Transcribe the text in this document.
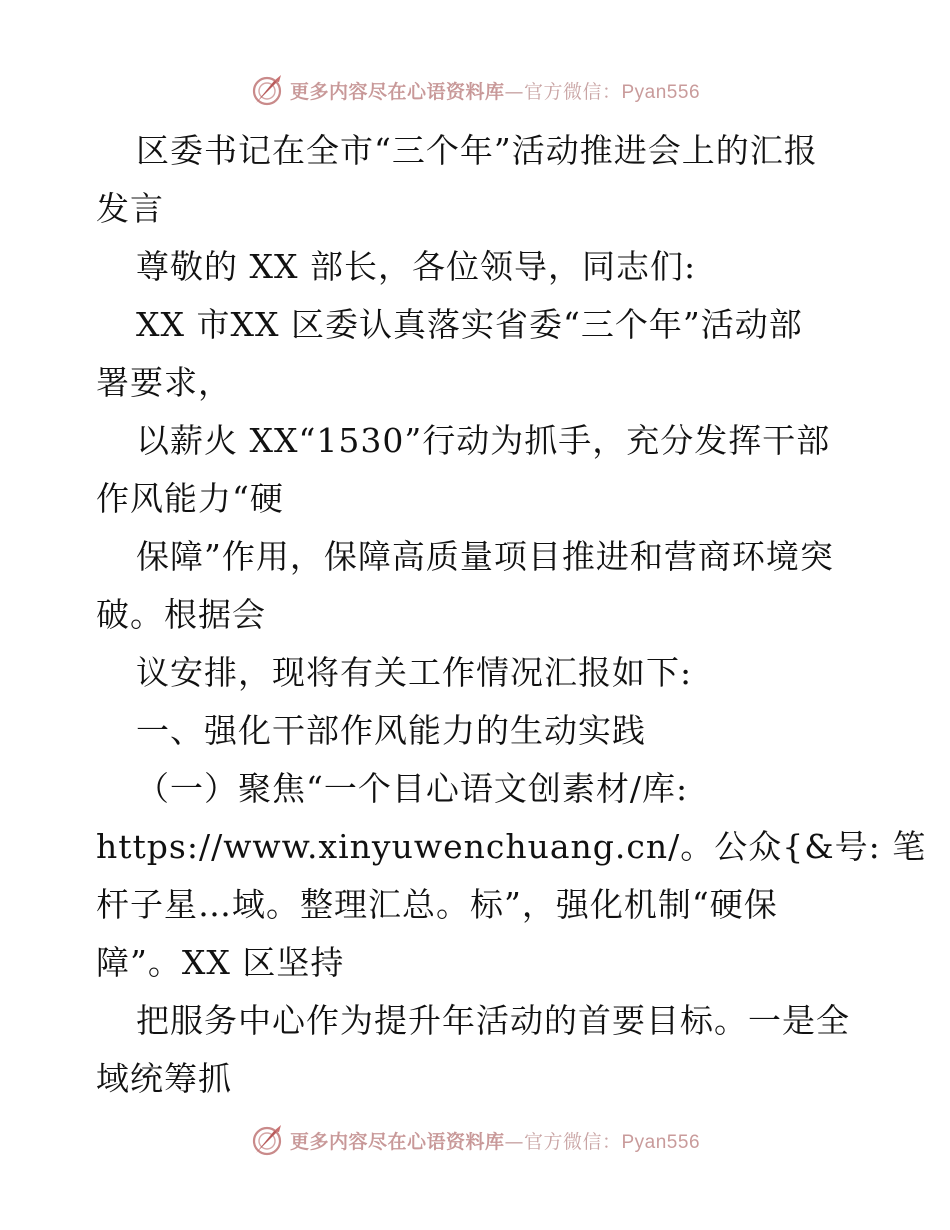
更多内容尽在心语资料库—官方微信：Pyan556
区委书记在全市“三个年”活动推进会上的汇报
发言
尊敬的 XX 部长，各位领导，同志们:
XX 市XX 区委认真落实省委“三个年”活动部
署要求，
以薪火 XX“1530”行动为抓手，充分发挥干部
作风能力“硬
保障”作用，保障高质量项目推进和营商环境突
破。根据会
议安排，现将有关工作情况汇报如下:
一、强化干部作风能力的生动实践
（一）聚焦“一个目心语文创素材/库:
https://www.xinyuwenchuang.cn/。公众{&号: 笔
杆子星…域。整理汇总。标”，强化机制“硬保
障”。XX 区坚持
把服务中心作为提升年活动的首要目标。一是全
域统筹抓
更多内容尽在心语资料库—官方微信：Pyan556
